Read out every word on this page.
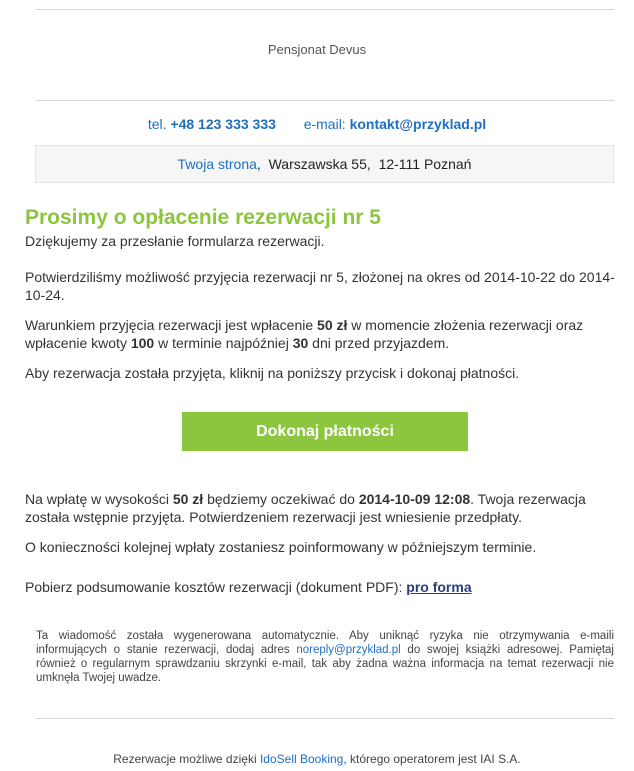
Pensjonat Devus
tel. +48 123 333 333 e-mail: kontakt@przyklad.pl
Twoja strona,  Warszawska 55, 12-111 Poznań
Prosimy o opłacenie rezerwacji nr 5

Dziękujemy za przesłanie formularza rezerwacji.

Potwierdziliśmy możliwość przyjęcia rezerwacji nr 5, złożonej na okres od 2014-10-22 do 2014-10-24.

Warunkiem przyjęcia rezerwacji jest wpłacenie 50 zł w momencie złożenia rezerwacji oraz wpłacenie kwoty 100 w terminie najpóźniej 30 dni przed przyjazdem.

Aby rezerwacja została przyjęta, kliknij na poniższy przycisk i dokonaj płatności.

Dokonaj płatności

Na wpłatę w wysokości 50 zł będziemy oczekiwać do 2014-10-09 12:08. Twoja rezerwacja została wstępnie przyjęta. Potwierdzeniem rezerwacji jest wniesienie przedpłaty.

O konieczności kolejnej wpłaty zostaniesz poinformowany w późniejszym terminie.

Pobierz podsumowanie kosztów rezerwacji (dokument PDF): pro forma

Ta wiadomość została wygenerowana automatycznie. Aby uniknąć ryzyka nie otrzymywania e-maili informujących o stanie rezerwacji, dodaj adres noreply@przyklad.pl do swojej książki adresowej. Pamiętaj również o regularnym sprawdzaniu skrzynki e-mail, tak aby żadna ważna informacja na temat rezerwacji nie umknęła Twojej uwadze.

Rezerwacje możliwe dzięki IdoSell Booking, którego operatorem jest IAI S.A.
